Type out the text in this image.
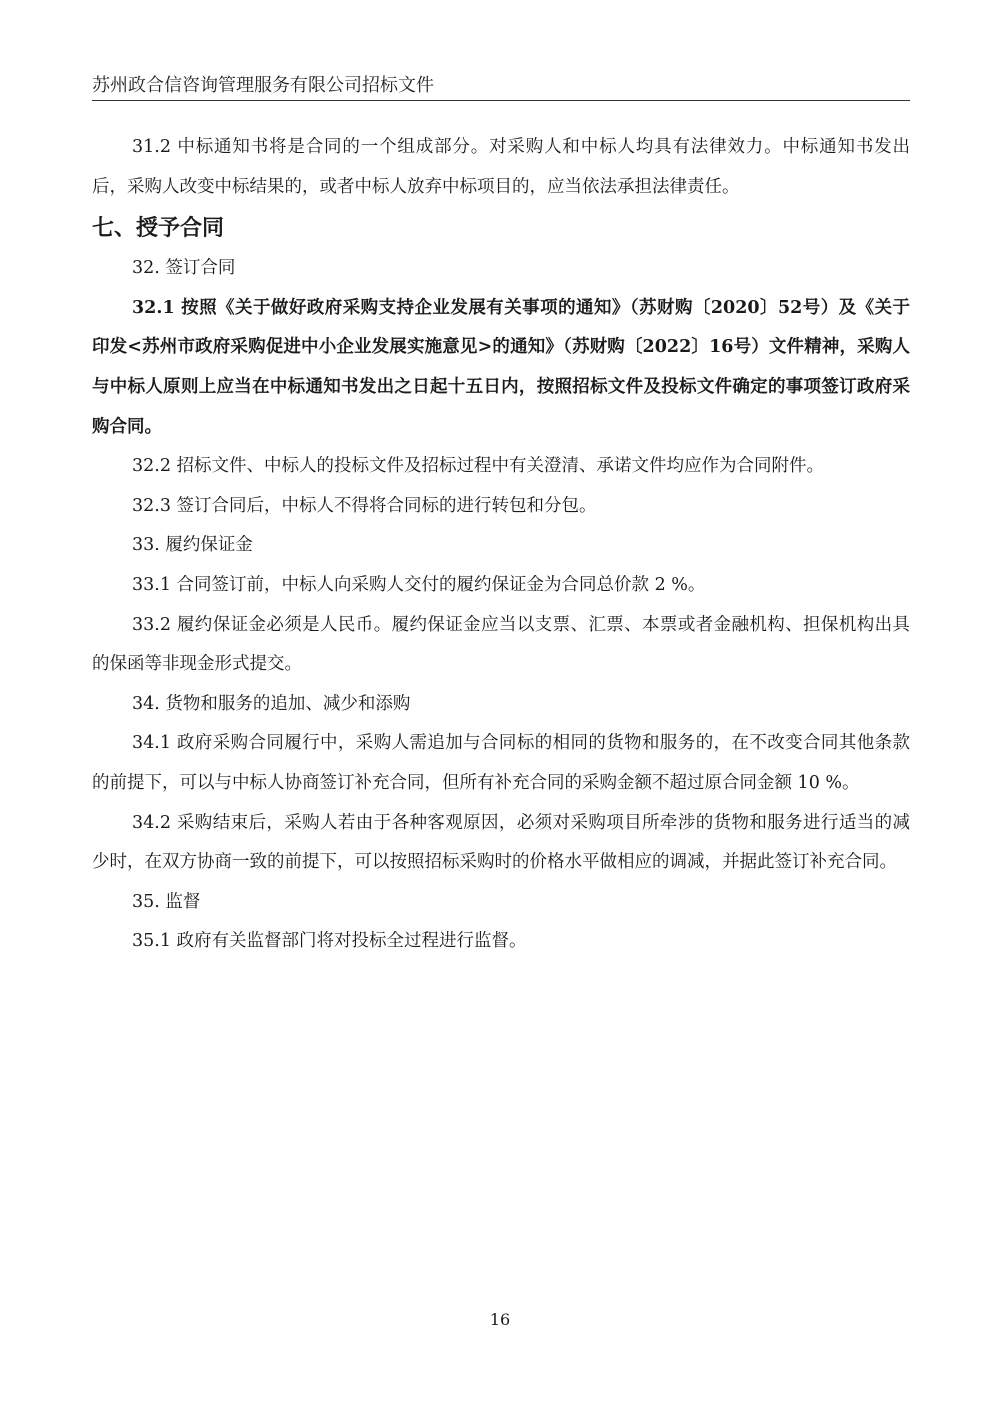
苏州政合信咨询管理服务有限公司招标文件

31.2 中标通知书将是合同的一个组成部分。对采购人和中标人均具有法律效力。中标通知书发出后，采购人改变中标结果的，或者中标人放弃中标项目的，应当依法承担法律责任。

七、授予合同

32. 签订合同

32.1 按照《关于做好政府采购支持企业发展有关事项的通知》（苏财购〔2020〕52号）及《关于印发<苏州市政府采购促进中小企业发展实施意见>的通知》（苏财购〔2022〕16号）文件精神，采购人与中标人原则上应当在中标通知书发出之日起十五日内，按照招标文件及投标文件确定的事项签订政府采购合同。

32.2 招标文件、中标人的投标文件及招标过程中有关澄清、承诺文件均应作为合同附件。

32.3 签订合同后，中标人不得将合同标的进行转包和分包。

33. 履约保证金

33.1 合同签订前，中标人向采购人交付的履约保证金为合同总价款 2 %。

33.2 履约保证金必须是人民币。履约保证金应当以支票、汇票、本票或者金融机构、担保机构出具的保函等非现金形式提交。

34. 货物和服务的追加、减少和添购

34.1 政府采购合同履行中，采购人需追加与合同标的相同的货物和服务的，在不改变合同其他条款的前提下，可以与中标人协商签订补充合同，但所有补充合同的采购金额不超过原合同金额 10 %。

34.2 采购结束后，采购人若由于各种客观原因，必须对采购项目所牵涉的货物和服务进行适当的减少时，在双方协商一致的前提下，可以按照招标采购时的价格水平做相应的调减，并据此签订补充合同。

35. 监督

35.1 政府有关监督部门将对投标全过程进行监督。

16
